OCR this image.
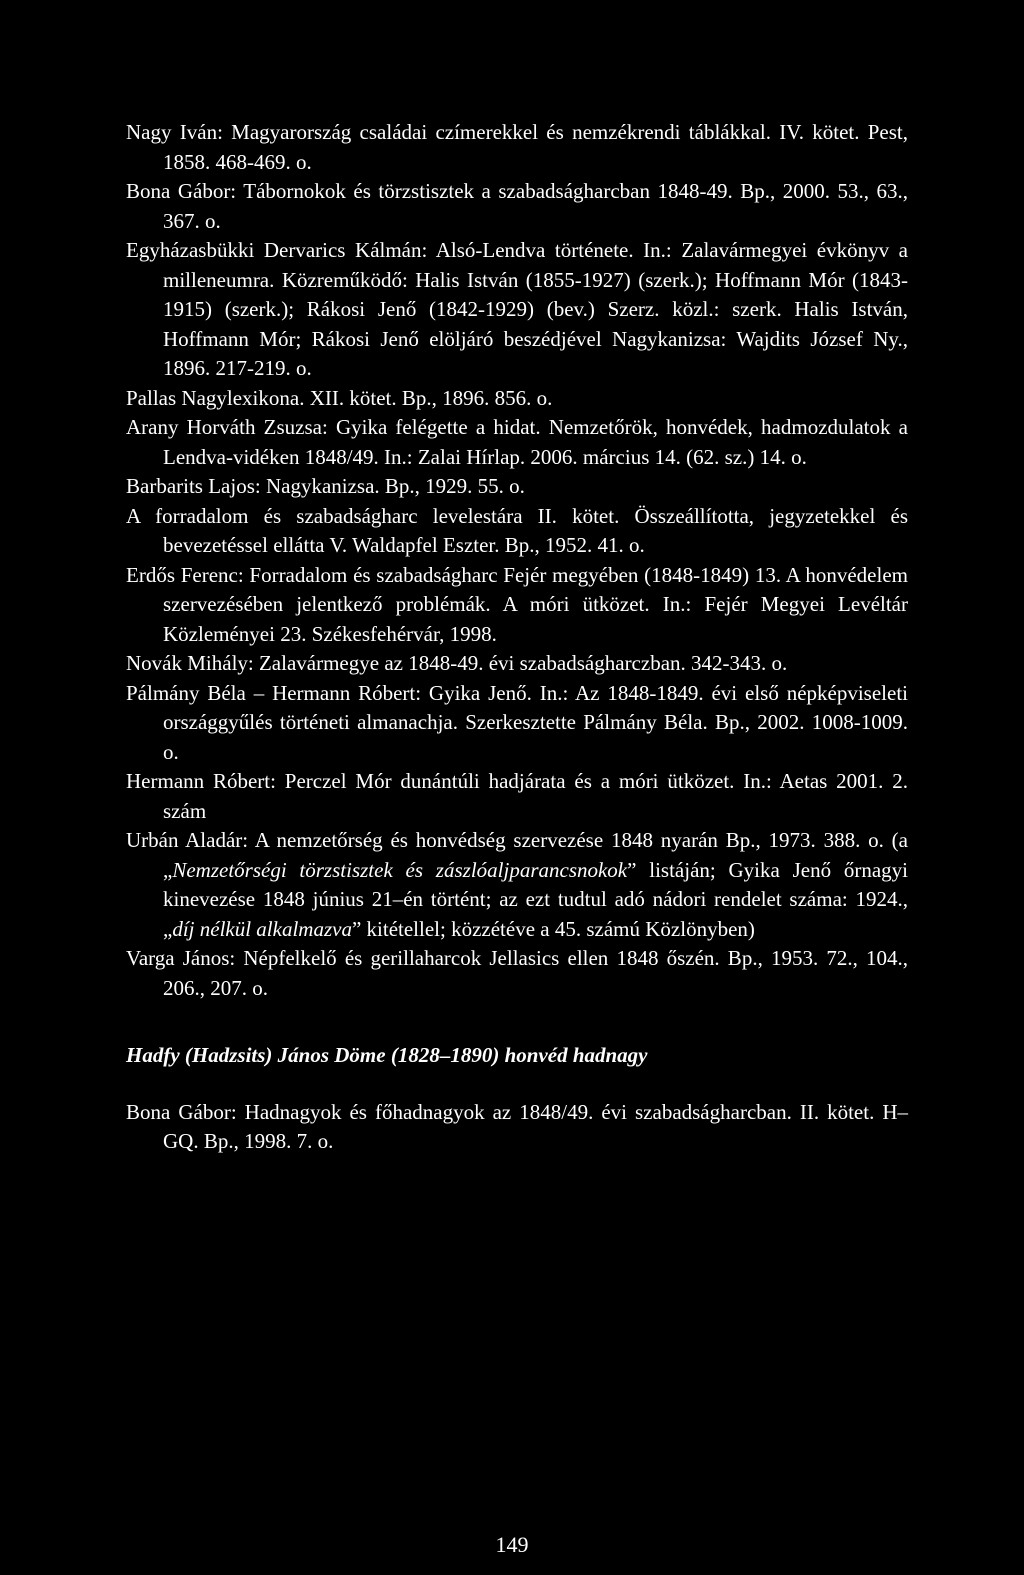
Nagy Iván: Magyarország családai czímerekkel és nemzékrendi táblákkal. IV. kötet. Pest, 1858. 468-469. o.

Bona Gábor: Tábornokok és törzstisztek a szabadságharcban 1848-49. Bp., 2000. 53., 63., 367. o.

Egyházasbükki Dervarics Kálmán: Alsó-Lendva története. In.: Zalavármegyei évkönyv a milleneumra. Közreműködő: Halis István (1855-1927) (szerk.); Hoffmann Mór (1843-1915) (szerk.); Rákosi Jenő (1842-1929) (bev.) Szerz. közl.: szerk. Halis István, Hoffmann Mór; Rákosi Jenő elöljáró beszédjével Nagykanizsa: Wajdits József Ny., 1896. 217-219. o.

Pallas Nagylexikona. XII. kötet. Bp., 1896. 856. o.

Arany Horváth Zsuzsa: Gyika felégette a hidat. Nemzetőrök, honvédek, hadmozdulatok a Lendva-vidéken 1848/49. In.: Zalai Hírlap. 2006. március 14. (62. sz.) 14. o.

Barbarits Lajos: Nagykanizsa. Bp., 1929. 55. o.

A forradalom és szabadságharc levelestára II. kötet. Összeállította, jegyzetekkel és bevezetéssel ellátta V. Waldapfel Eszter. Bp., 1952. 41. o.

Erdős Ferenc: Forradalom és szabadságharc Fejér megyében (1848-1849) 13. A honvédelem szervezésében jelentkező problémák. A móri ütközet. In.: Fejér Megyei Levéltár Közleményei 23. Székesfehérvár, 1998.

Novák Mihály: Zalavármegye az 1848-49. évi szabadságharczban. 342-343. o.

Pálmány Béla – Hermann Róbert: Gyika Jenő. In.: Az 1848-1849. évi első népképviseleti országgyűlés történeti almanachja. Szerkesztette Pálmány Béla. Bp., 2002. 1008-1009. o.

Hermann Róbert: Perczel Mór dunántúli hadjárata és a móri ütközet. In.: Aetas 2001. 2. szám

Urbán Aladár: A nemzetőrség és honvédség szervezése 1848 nyarán Bp., 1973. 388. o. (a „Nemzetőrségi törzstisztek és zászlóaljparancsnokok” listáján; Gyika Jenő őrnagyi kinevezése 1848 június 21–én történt; az ezt tudtul adó nádori rendelet száma: 1924., „díj nélkül alkalmazva” kitétellel; közzétéve a 45. számú Közlönyben)

Varga János: Népfelkelő és gerillaharcok Jellasics ellen 1848 őszén. Bp., 1953. 72., 104., 206., 207. o.

Hadfy (Hadzsits) János Döme (1828–1890) honvéd hadnagy

Bona Gábor: Hadnagyok és főhadnagyok az 1848/49. évi szabadságharcban. II. kötet. H–GQ. Bp., 1998. 7. o.

149
